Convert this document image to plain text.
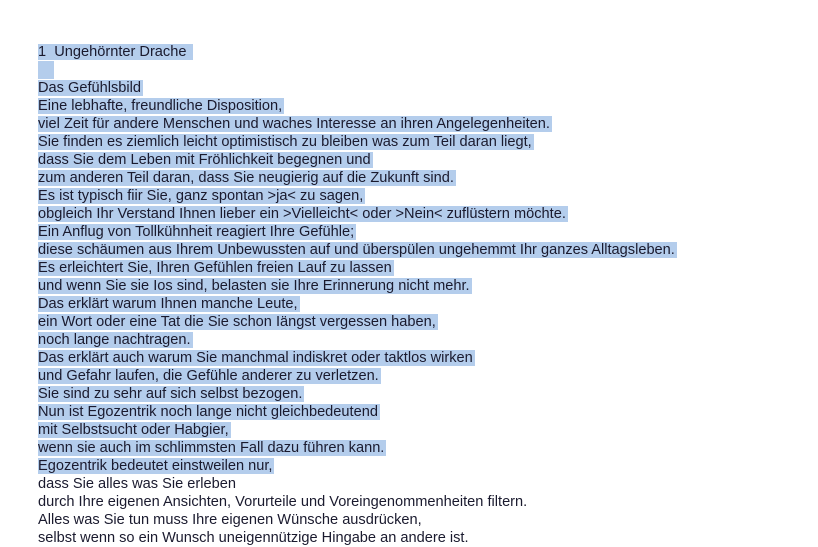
1  Ungehörnter Drache
Das Gefühlsbild
Eine lebhafte, freundliche Disposition,
viel Zeit für andere Menschen und waches Interesse an ihren Angelegenheiten.
Sie finden es ziemlich leicht optimistisch zu bleiben was zum Teil daran liegt,
dass Sie dem Leben mit Fröhlichkeit begegnen und
zum anderen Teil daran, dass Sie neugierig auf die Zukunft sind.
Es ist typisch fiir Sie, ganz spontan >ja< zu sagen,
obgleich Ihr Verstand Ihnen lieber ein >Vielleicht< oder >Nein< zuflüstern möchte.
Ein Anflug von Tollkühnheit reagiert Ihre Gefühle;
diese schäumen aus Ihrem Unbewussten auf und überspülen ungehemmt Ihr ganzes Alltagsleben.
Es erleichtert Sie, Ihren Gefühlen freien Lauf zu lassen
und wenn Sie sie Ios sind, belasten sie Ihre Erinnerung nicht mehr.
Das erklärt warum Ihnen manche Leute,
ein Wort oder eine Tat die Sie schon Iängst vergessen haben,
noch lange nachtragen.
Das erklärt auch warum Sie manchmal indiskret oder taktlos wirken
und Gefahr laufen, die Gefühle anderer zu verletzen.
Sie sind zu sehr auf sich selbst bezogen.
Nun ist Egozentrik noch lange nicht gleichbedeutend
mit Selbstsucht oder Habgier,
wenn sie auch im schlimmsten Fall dazu führen kann.
Egozentrik bedeutet einstweilen nur,
dass Sie alles was Sie erleben
durch Ihre eigenen Ansichten, Vorurteile und Voreingenommenheiten filtern.
Alles was Sie tun muss Ihre eigenen Wünsche ausdrücken,
selbst wenn so ein Wunsch uneigennützige Hingabe an andere ist.
